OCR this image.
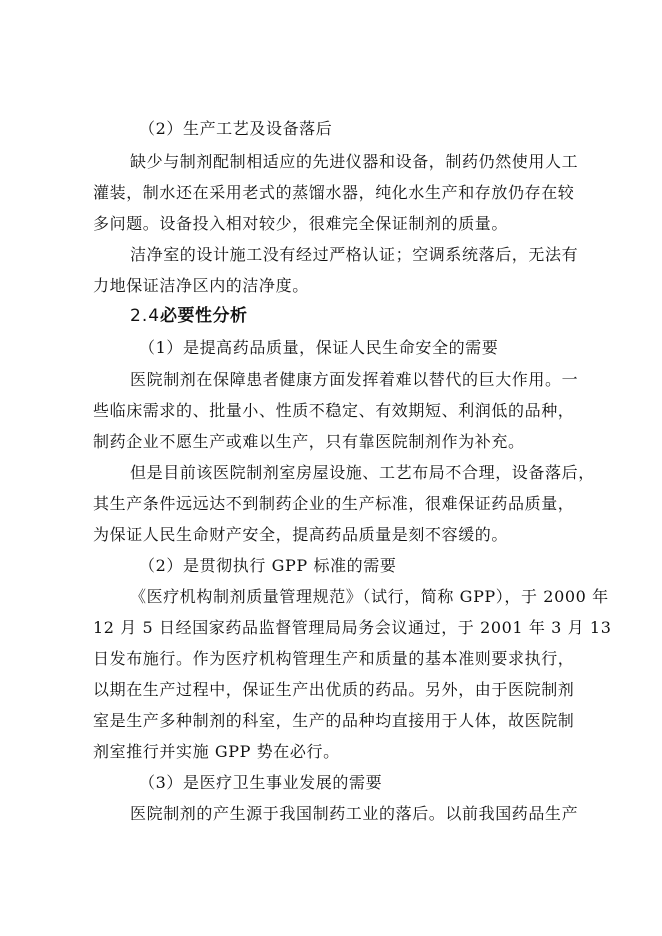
（2）生产工艺及设备落后
缺少与制剂配制相适应的先进仪器和设备，制药仍然使用人工
灌装，制水还在采用老式的蒸馏水器，纯化水生产和存放仍存在较
多问题。设备投入相对较少，很难完全保证制剂的质量。
洁净室的设计施工没有经过严格认证；空调系统落后，无法有
力地保证洁净区内的洁净度。
2.4必要性分析
（1）是提高药品质量，保证人民生命安全的需要
医院制剂在保障患者健康方面发挥着难以替代的巨大作用。一
些临床需求的、批量小、性质不稳定、有效期短、利润低的品种，
制药企业不愿生产或难以生产，只有靠医院制剂作为补充。
但是目前该医院制剂室房屋设施、工艺布局不合理，设备落后，
其生产条件远远达不到制药企业的生产标准，很难保证药品质量，
为保证人民生命财产安全，提高药品质量是刻不容缓的。
（2）是贯彻执行 GPP 标准的需要
《医疗机构制剂质量管理规范》（试行，简称 GPP），于 2000 年
12 月 5 日经国家药品监督管理局局务会议通过，于 2001 年 3 月 13
日发布施行。作为医疗机构管理生产和质量的基本准则要求执行，
以期在生产过程中，保证生产出优质的药品。另外，由于医院制剂
室是生产多种制剂的科室，生产的品种均直接用于人体，故医院制
剂室推行并实施 GPP 势在必行。
（3）是医疗卫生事业发展的需要
医院制剂的产生源于我国制药工业的落后。以前我国药品生产
